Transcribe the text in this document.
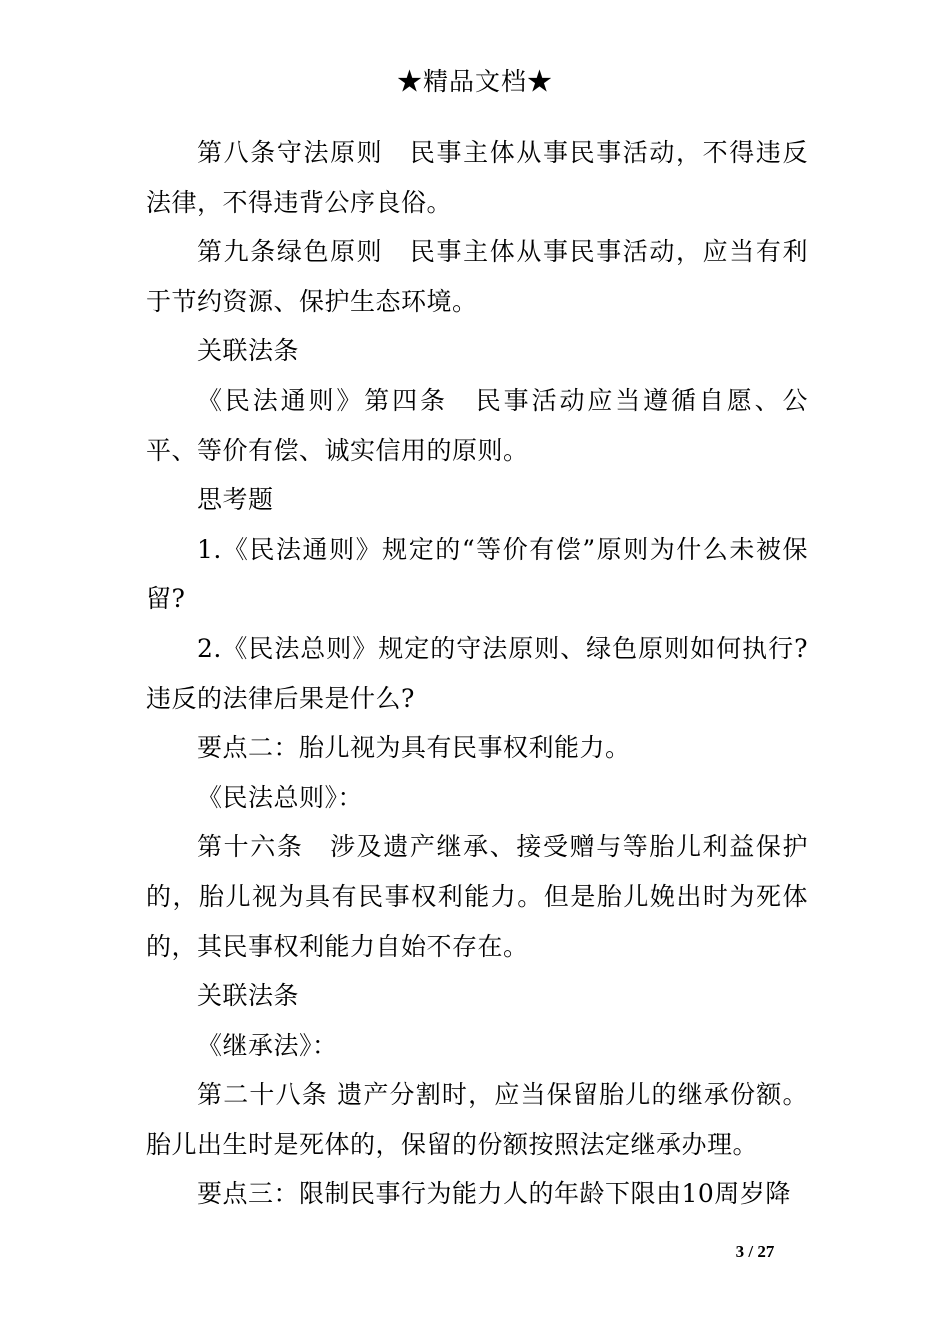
★精品文档★

第八条守法原则　民事主体从事民事活动，不得违反法律，不得违背公序良俗。

第九条绿色原则　民事主体从事民事活动，应当有利于节约资源、保护生态环境。

关联法条

《民法通则》第四条　民事活动应当遵循自愿、公平、等价有偿、诚实信用的原则。

思考题

1.《民法通则》规定的“等价有偿”原则为什么未被保留?

2.《民法总则》规定的守法原则、绿色原则如何执行?违反的法律后果是什么?

要点二：胎儿视为具有民事权利能力。

《民法总则》：

第十六条　涉及遗产继承、接受赠与等胎儿利益保护的，胎儿视为具有民事权利能力。但是胎儿娩出时为死体的，其民事权利能力自始不存在。

关联法条

《继承法》：

第二十八条 遗产分割时，应当保留胎儿的继承份额。胎儿出生时是死体的，保留的份额按照法定继承办理。

要点三：限制民事行为能力人的年龄下限由10周岁降

3 / 27
